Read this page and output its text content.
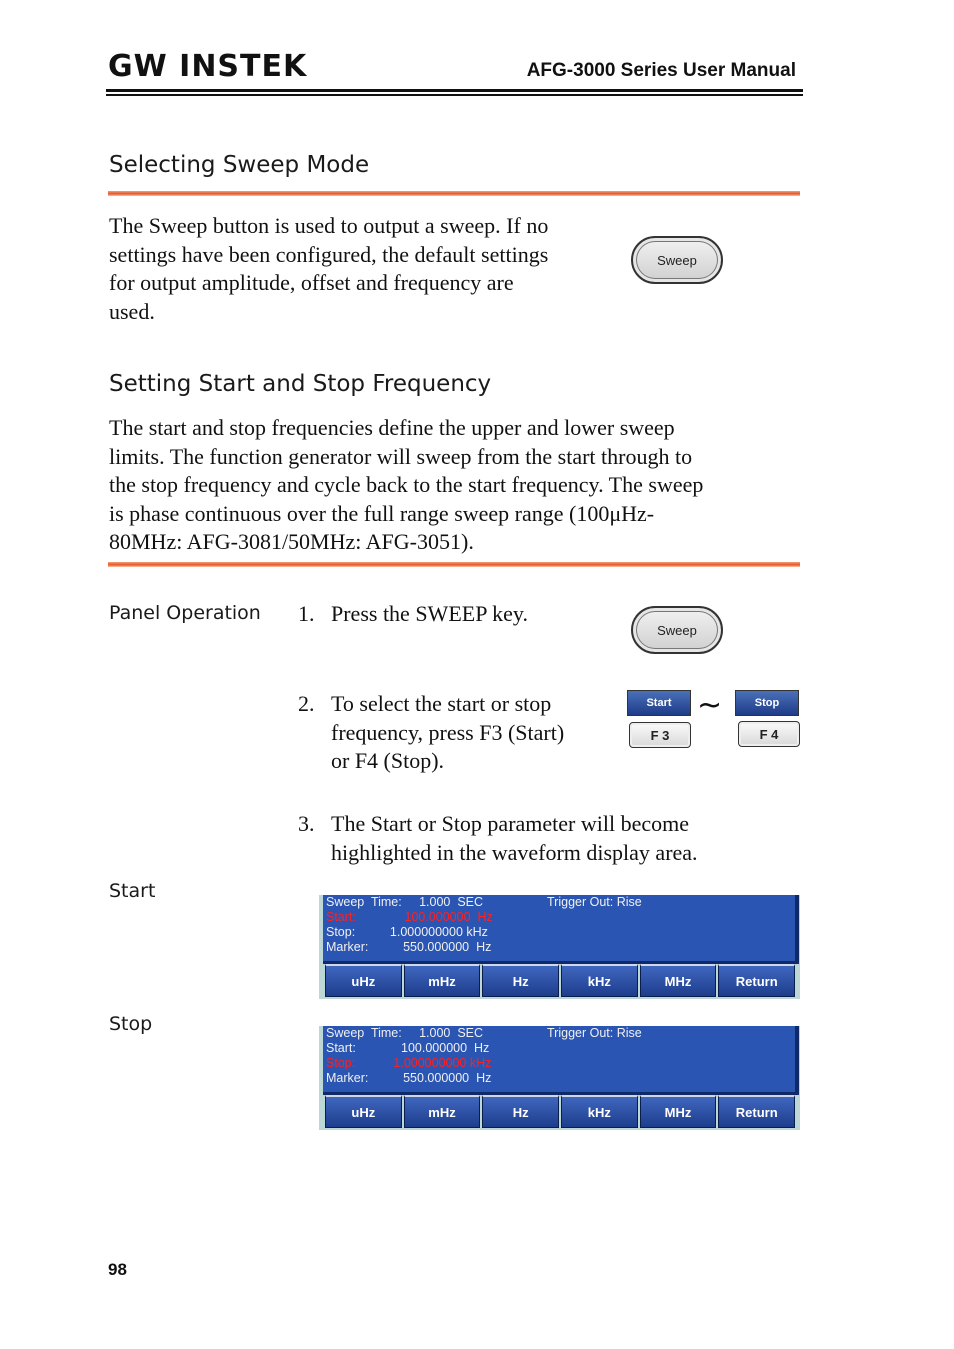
GW INSTEK	AFG-3000 Series User Manual
Selecting Sweep Mode
The Sweep button is used to output a sweep. If no
settings have been configured, the default settings
for output amplitude, offset and frequency are
used.
Sweep
Setting Start and Stop Frequency
The start and stop frequencies define the upper and lower sweep
limits. The function generator will sweep from the start through to
the stop frequency and cycle back to the start frequency. The sweep
is phase continuous over the full range sweep range (100μHz-
80MHz: AFG-3081/50MHz: AFG-3051).
Panel Operation 1. Press the SWEEP key.
Sweep
2. To select the start or stop
frequency, press F3 (Start)
or F4 (Stop).
Start	Stop
~
F 3	F 4
3. The Start or Stop parameter will become
highlighted in the waveform display area.
Start	Sweep  Time:     1.000  SEC
Start:              100.000000  Hz
Stop:          1.000000000 kHz
Marker:          550.000000  Hz
Trigger Out: Rise
uHz	mHz	Hz	kHz	MHz	Return
Stop	Sweep  Time:     1.000  SEC
Start:             100.000000  Hz
Stop:           1.000000000 kHz
Marker:          550.000000  Hz
Trigger Out: Rise
uHz	mHz	Hz	kHz	MHz	Return
98
